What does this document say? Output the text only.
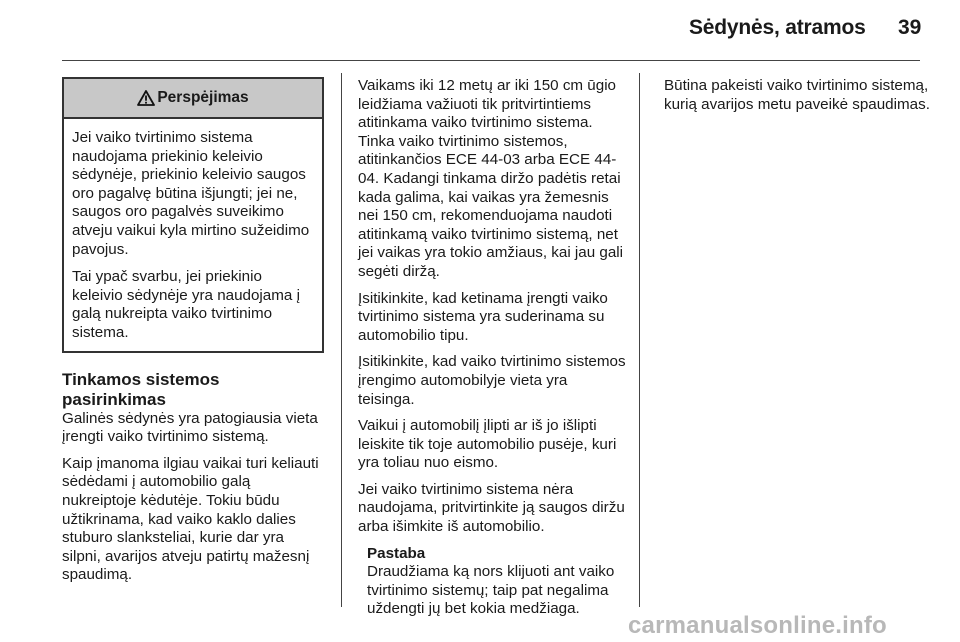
Sėdynės, atramos 39
Perspėjimas

Jei vaiko tvirtinimo sistema naudojama priekinio keleivio sėdynėje, priekinio keleivio saugos oro pagalvę būtina išjungti; jei ne, saugos oro pagalvės suveikimo atveju vaikui kyla mirtino sužeidimo pavojus.

Tai ypač svarbu, jei priekinio keleivio sėdynėje yra naudojama į galą nukreipta vaiko tvirtinimo sistema.

Tinkamos sistemos pasirinkimas

Galinės sėdynės yra patogiausia vieta įrengti vaiko tvirtinimo sistemą.

Kaip įmanoma ilgiau vaikai turi keliauti sėdėdami į automobilio galą nukreiptoje kėdutėje. Tokiu būdu užtikrinama, kad vaiko kaklo dalies stuburo slanksteliai, kurie dar yra silpni, avarijos atveju patirtų mažesnį spaudimą.

Vaikams iki 12 metų ar iki 150 cm ūgio leidžiama važiuoti tik pritvirtintiems atitinkama vaiko tvirtinimo sistema. Tinka vaiko tvirtinimo sistemos, atitinkančios ECE 44-03 arba ECE 44-04. Kadangi tinkama diržo padėtis retai kada galima, kai vaikas yra žemesnis nei 150 cm, rekomenduojama naudoti atitinkamą vaiko tvirtinimo sistemą, net jei vaikas yra tokio amžiaus, kai jau gali segėti diržą.

Įsitikinkite, kad ketinama įrengti vaiko tvirtinimo sistema yra suderinama su automobilio tipu.

Įsitikinkite, kad vaiko tvirtinimo sistemos įrengimo automobilyje vieta yra teisinga.

Vaikui į automobilį įlipti ar iš jo išlipti leiskite tik toje automobilio pusėje, kuri yra toliau nuo eismo.

Jei vaiko tvirtinimo sistema nėra naudojama, pritvirtinkite ją saugos diržu arba išimkite iš automobilio.

Pastaba
Draudžiama ką nors klijuoti ant vaiko tvirtinimo sistemų; taip pat negalima uždengti jų bet kokia medžiaga.

Būtina pakeisti vaiko tvirtinimo sistemą, kurią avarijos metu paveikė spaudimas.

carmanualsonline.info
